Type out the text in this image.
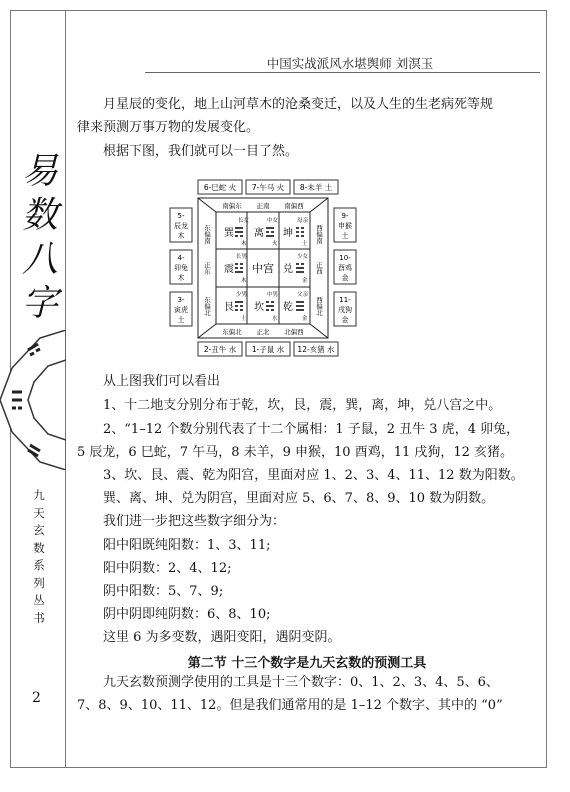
中国实战派风水堪舆师 刘溟玉
易
数
八
字
九
天
玄
数
系
列
丛
书
2

月星辰的变化，地上山河草木的沧桑变迁，以及人生的生老病死等规

律来预测万事万物的发展变化。

根据下图，我们就可以一目了然。

6-巳蛇 火 7-午马 火 8-未羊 土
2-丑牛 水 1-子鼠 水 12-亥猪 水
5-
辰龙
木
4-
卯兔
木
3-
寅虎
土
9-
申猴
土
10-
酉鸡
金
11-
戌狗
金
南偏东 正南 南偏西
东偏北 正北 北偏西
东偏南
正东
东偏北
西偏南
正西
西偏北
中宫
巽
长女
木
离
中女
火
坤
母亲
土
震
长男
木
兑
少女
金
艮
少男
土
坎
中男
水
乾
父亲
金

从上图我们可以看出

1、十二地支分别分布于乾，坎，艮，震，巽，离，坤，兑八宫之中。

2、“1–12 个数分别代表了十二个属相：1 子鼠，2 丑牛 3 虎，4 卯兔，

5 辰龙，6 巳蛇，7 午马，8 未羊，9 申猴，10 酉鸡，11 戌狗，12 亥猪。

3、坎、艮、震、乾为阳宫，里面对应 1、2、3、4、11、12 数为阳数。

巽、离、坤、兑为阴宫，里面对应 5、6、7、8、9、10 数为阴数。

我们进一步把这些数字细分为：

阳中阳既纯阳数：1、3、11;

阳中阴数：2、4、12;

阴中阳数：5、7、9;

阴中阴即纯阴数：6、8、10;

这里 6 为多变数，遇阳变阳，遇阴变阴。

第二节 十三个数字是九天玄数的预测工具

九天玄数预测学使用的工具是十三个数字：0、1、2、3、4、5、6、

7、8、9、10、11、12。但是我们通常用的是 1–12 个数字、其中的 “0”
